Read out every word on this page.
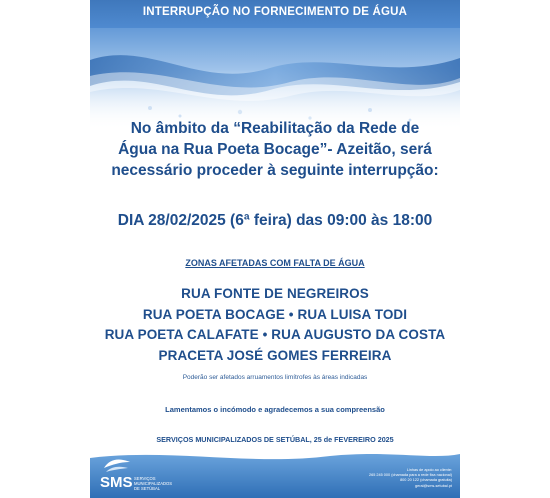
INTERRUPÇÃO NO FORNECIMENTO DE ÁGUA
No âmbito da “Reabilitação da Rede de
Água na Rua Poeta Bocage”- Azeitão, será
necessário proceder à seguinte interrupção:
DIA 28/02/2025 (6ª feira) das 09:00 às 18:00
ZONAS AFETADAS COM FALTA DE ÁGUA
RUA FONTE DE NEGREIROS
RUA POETA BOCAGE • RUA LUISA TODI
RUA POETA CALAFATE • RUA AUGUSTO DA COSTA
PRACETA JOSÉ GOMES FERREIRA
Poderão ser afetados arruamentos limítrofes às áreas indicadas
Lamentamos o incómodo e agradecemos a sua compreensão
SERVIÇOS MUNICIPALIZADOS DE SETÚBAL, 25 de FEVEREIRO 2025
SMS SERVIÇOS
MUNICIPALIZADOS
DE SETÚBAL
Linhas de apoio ao cliente:
265 245 000 (chamada para a rede fixa nacional)
800 20 122 (chamada gratuita)
geral@sms-setubal.pt
